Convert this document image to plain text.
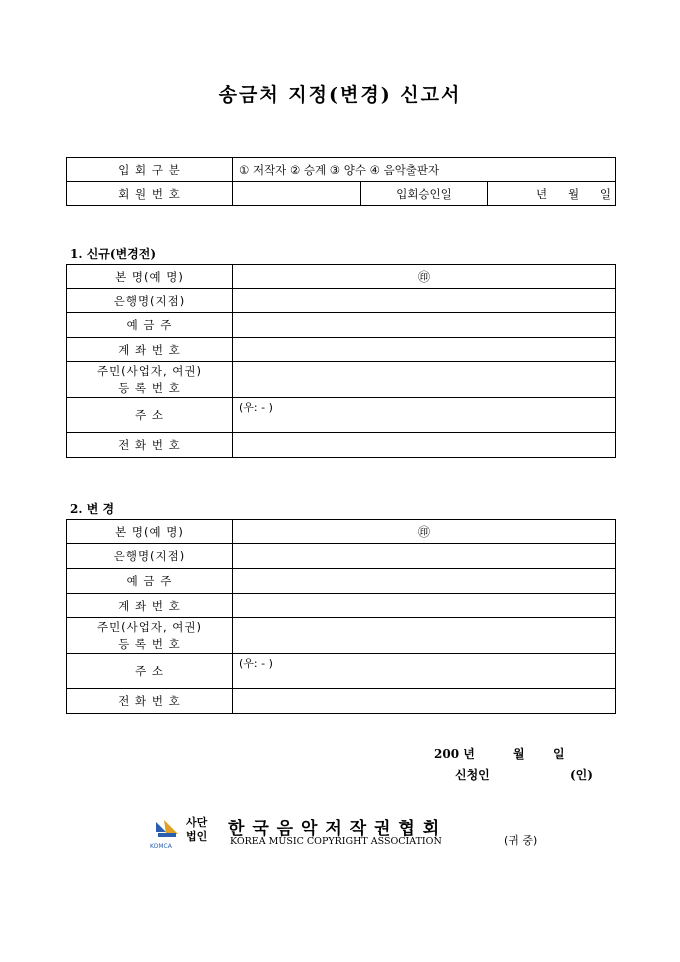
송금처 지정(변경) 신고서
입 회 구 분	① 저작자 ② 승계 ③ 양수 ④ 음악출판자		
회 원 번 호		입회승인일	년 월 일
1. 신규(변경전)
본 명(예 명)	㊞
은행명(지점)	
예 금 주	
계 좌 번 호	

주민(사업자, 여권)
등 록 번 호	

주 소	(우: - )
전 화 번 호	
2. 변 경
본 명(예 명)	㊞
은행명(지점)	
예 금 주	
계 좌 번 호	

주민(사업자, 여권)
등 록 번 호	

주 소	(우: - )
전 화 번 호	
200 년	월 일
신청인	(인)
KOMCA
사단
법인 한 국 음 악 저 작 권 협 회
KOREA MUSIC COPYRIGHT ASSOCIATION	(귀 중)
